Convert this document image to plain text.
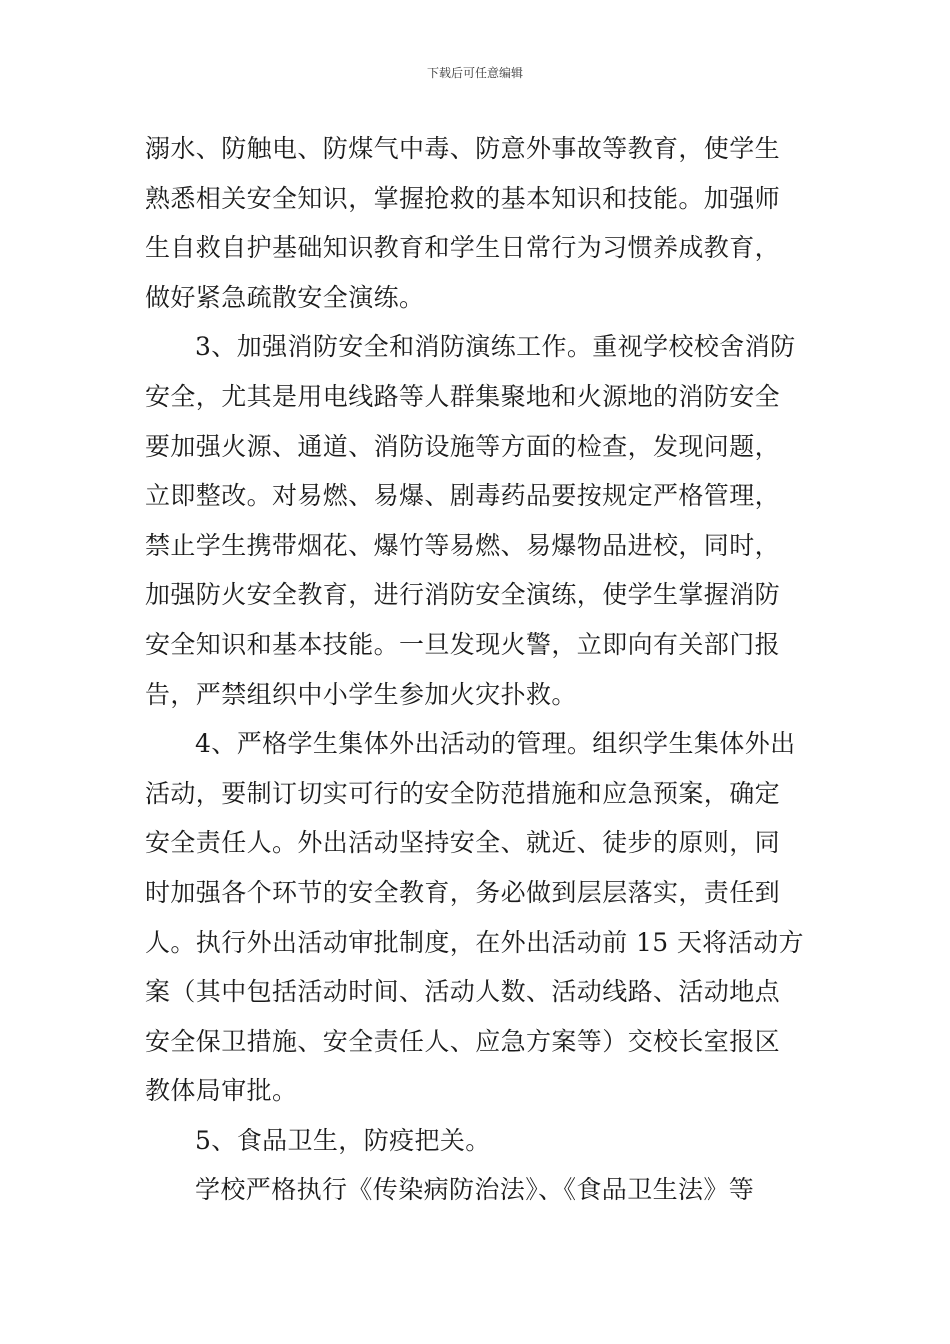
下载后可任意编辑
溺水、防触电、防煤气中毒、防意外事故等教育，使学生
熟悉相关安全知识，掌握抢救的基本知识和技能。加强师
生自救自护基础知识教育和学生日常行为习惯养成教育，
做好紧急疏散安全演练。
3、加强消防安全和消防演练工作。重视学校校舍消防
安全，尤其是用电线路等人群集聚地和火源地的消防安全
要加强火源、通道、消防设施等方面的检查，发现问题，
立即整改。对易燃、易爆、剧毒药品要按规定严格管理，
禁止学生携带烟花、爆竹等易燃、易爆物品进校，同时，
加强防火安全教育，进行消防安全演练，使学生掌握消防
安全知识和基本技能。一旦发现火警，立即向有关部门报
告，严禁组织中小学生参加火灾扑救。
4、严格学生集体外出活动的管理。组织学生集体外出
活动，要制订切实可行的安全防范措施和应急预案，确定
安全责任人。外出活动坚持安全、就近、徒步的原则，同
时加强各个环节的安全教育，务必做到层层落实，责任到
人。执行外出活动审批制度，在外出活动前 15 天将活动方
案（其中包括活动时间、活动人数、活动线路、活动地点
安全保卫措施、安全责任人、应急方案等）交校长室报区
教体局审批。
5、食品卫生，防疫把关。
学校严格执行《传染病防治法》、《食品卫生法》等
